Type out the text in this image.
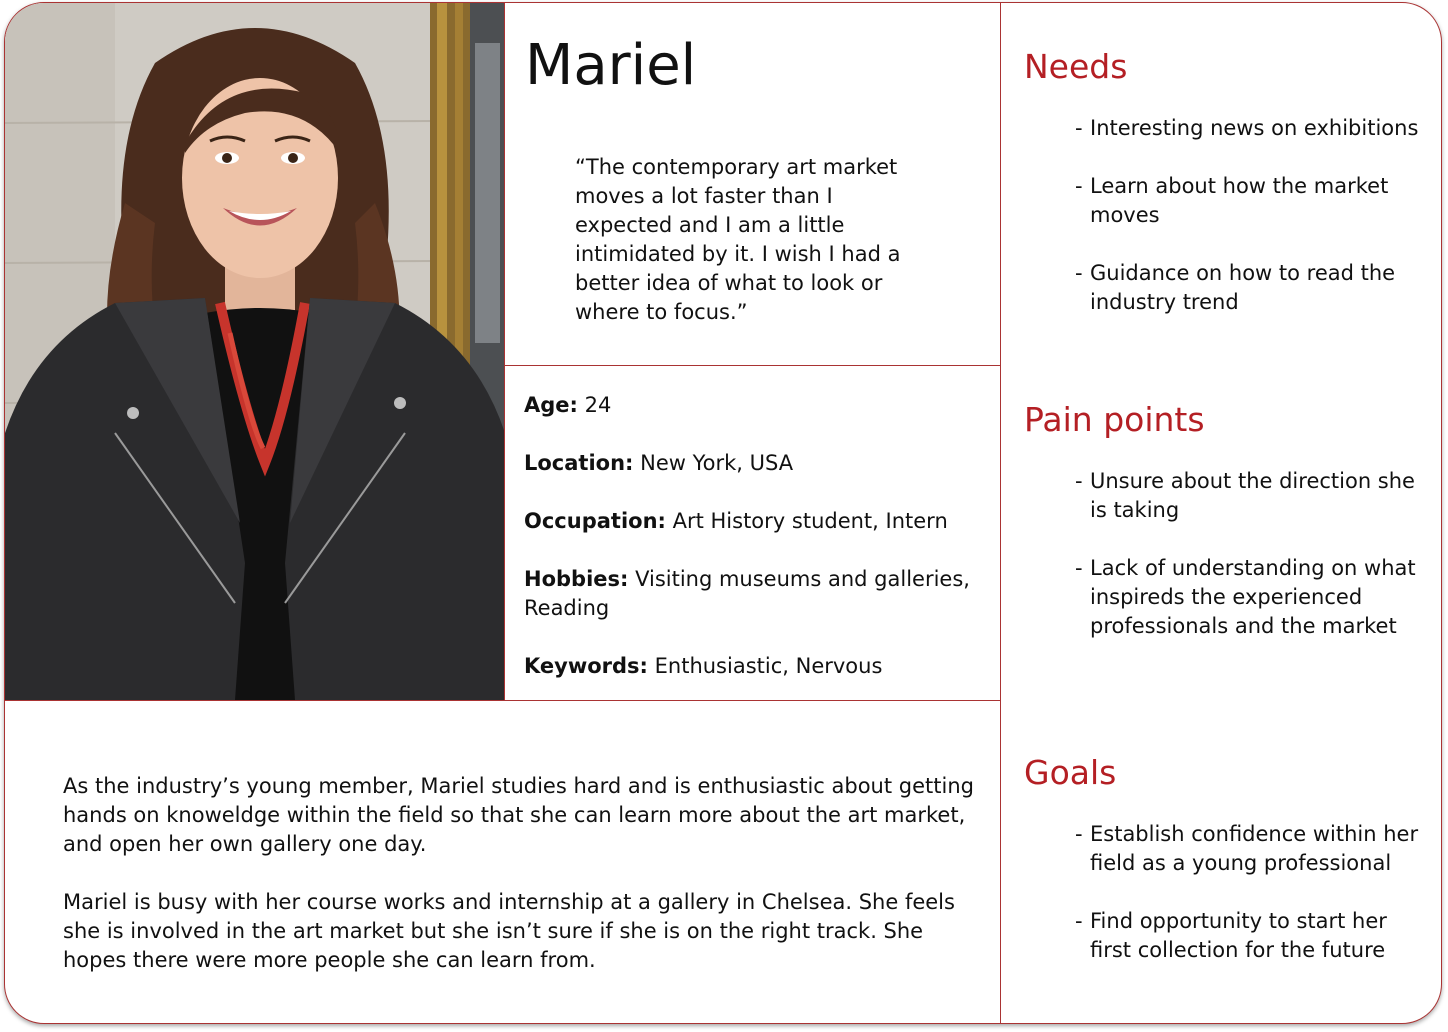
Mariel
“The contemporary art market moves a lot faster than I expected and I am a little intimidated by it. I wish I had a better idea of what to look or where to focus.”
Age: 24
Location: New York, USA
Occupation: Art History student, Intern
Hobbies: Visiting museums and galleries, Reading
Keywords: Enthusiastic, Nervous

As the industry’s young member, Mariel studies hard and is enthusiastic about getting hands on knoweldge within the field so that she can learn more about the art market, and open her own gallery one day.

Mariel is busy with her course works and internship at a gallery in Chelsea. She feels she is involved in the art market but she isn’t sure if she is on the right track. She hopes there were more people she can learn from.

Needs
- Interesting news on exhibitions
- Learn about how the market moves
- Guidance on how to read the industry trend
Pain points
- Unsure about the direction she is taking
- Lack of understanding on what inspireds the experienced professionals and the market
Goals
- Establish confidence within her field as a young professional
- Find opportunity to start her first collection for the future
